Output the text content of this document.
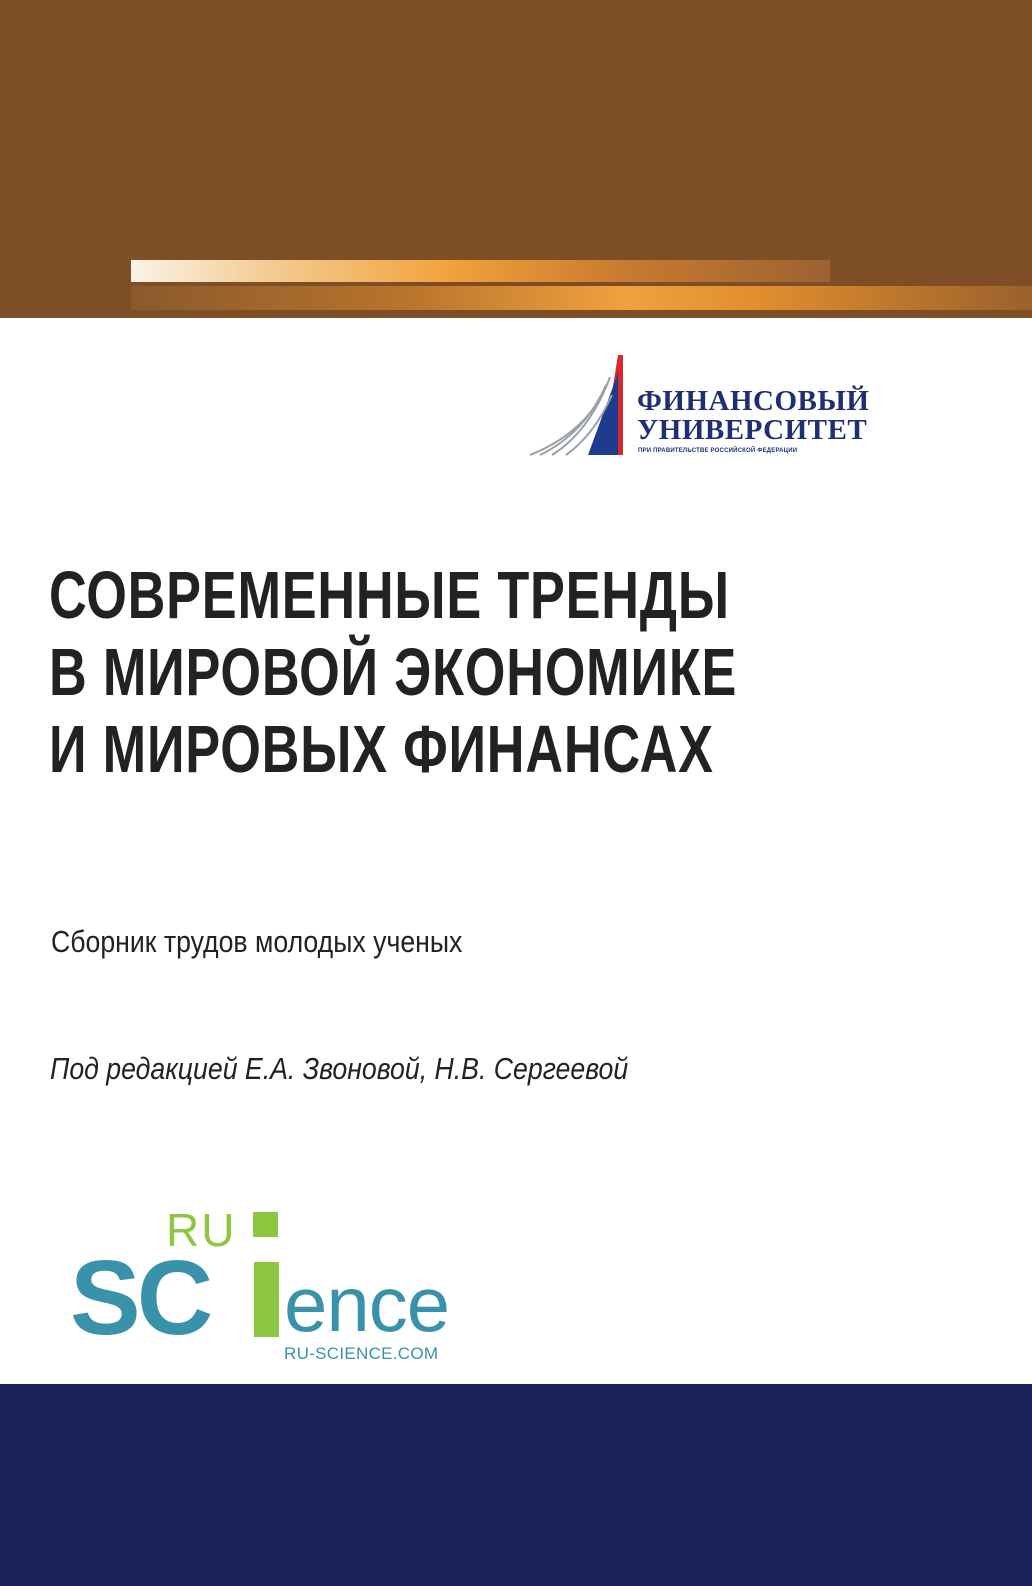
ФИНАНСОВЫЙ
УНИВЕРСИТЕТ
ПРИ ПРАВИТЕЛЬСТВЕ РОССИЙСКОЙ ФЕДЕРАЦИИ
СОВРЕМЕННЫЕ ТРЕНДЫ
В МИРОВОЙ ЭКОНОМИКЕ
И МИРОВЫХ ФИНАНСАХ
Сборник трудов молодых ученых
Под редакцией Е.А. Звоновой, Н.В. Сергеевой
RU
SC ence
RU-SCIENCE.COM
